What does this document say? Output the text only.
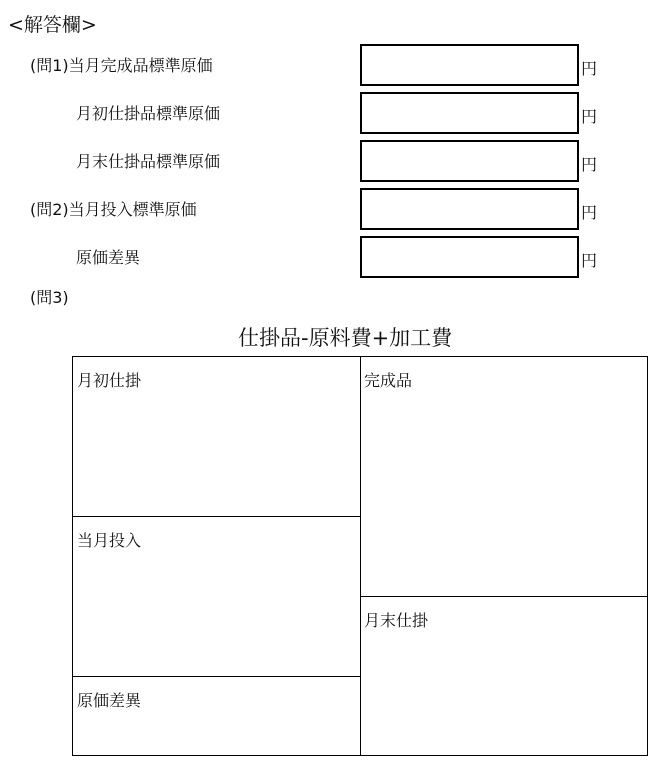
<解答欄>
(問1)当月完成品標準原価	円
月初仕掛品標準原価	円
月末仕掛品標準原価	円
(問2)当月投入標準原価	円
原価差異	円
(問3)
仕掛品-原料費+加工費
月初仕掛
当月投入
原価差異
完成品
月末仕掛
